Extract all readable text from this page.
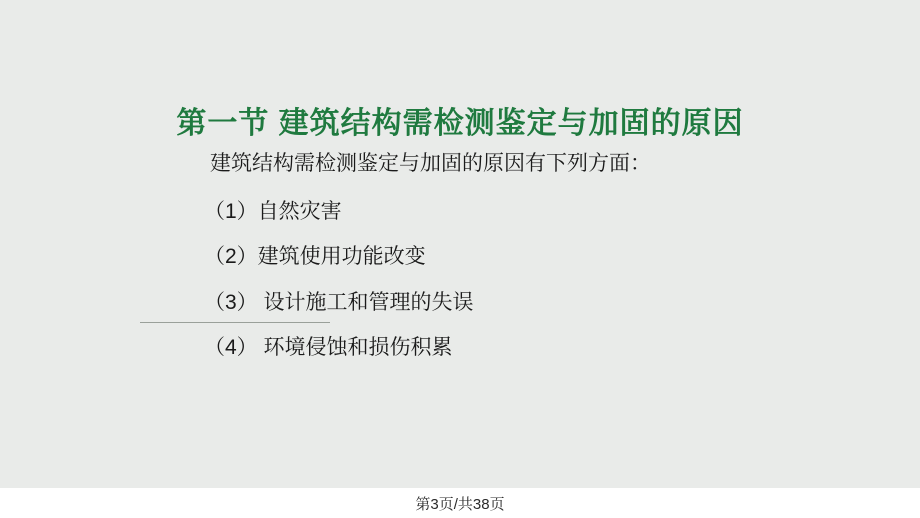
第一节 建筑结构需检测鉴定与加固的原因

建筑结构需检测鉴定与加固的原因有下列方面：

（1）自然灾害

（2）建筑使用功能改变

（3） 设计施工和管理的失误

（4） 环境侵蚀和损伤积累

第3页/共38页
